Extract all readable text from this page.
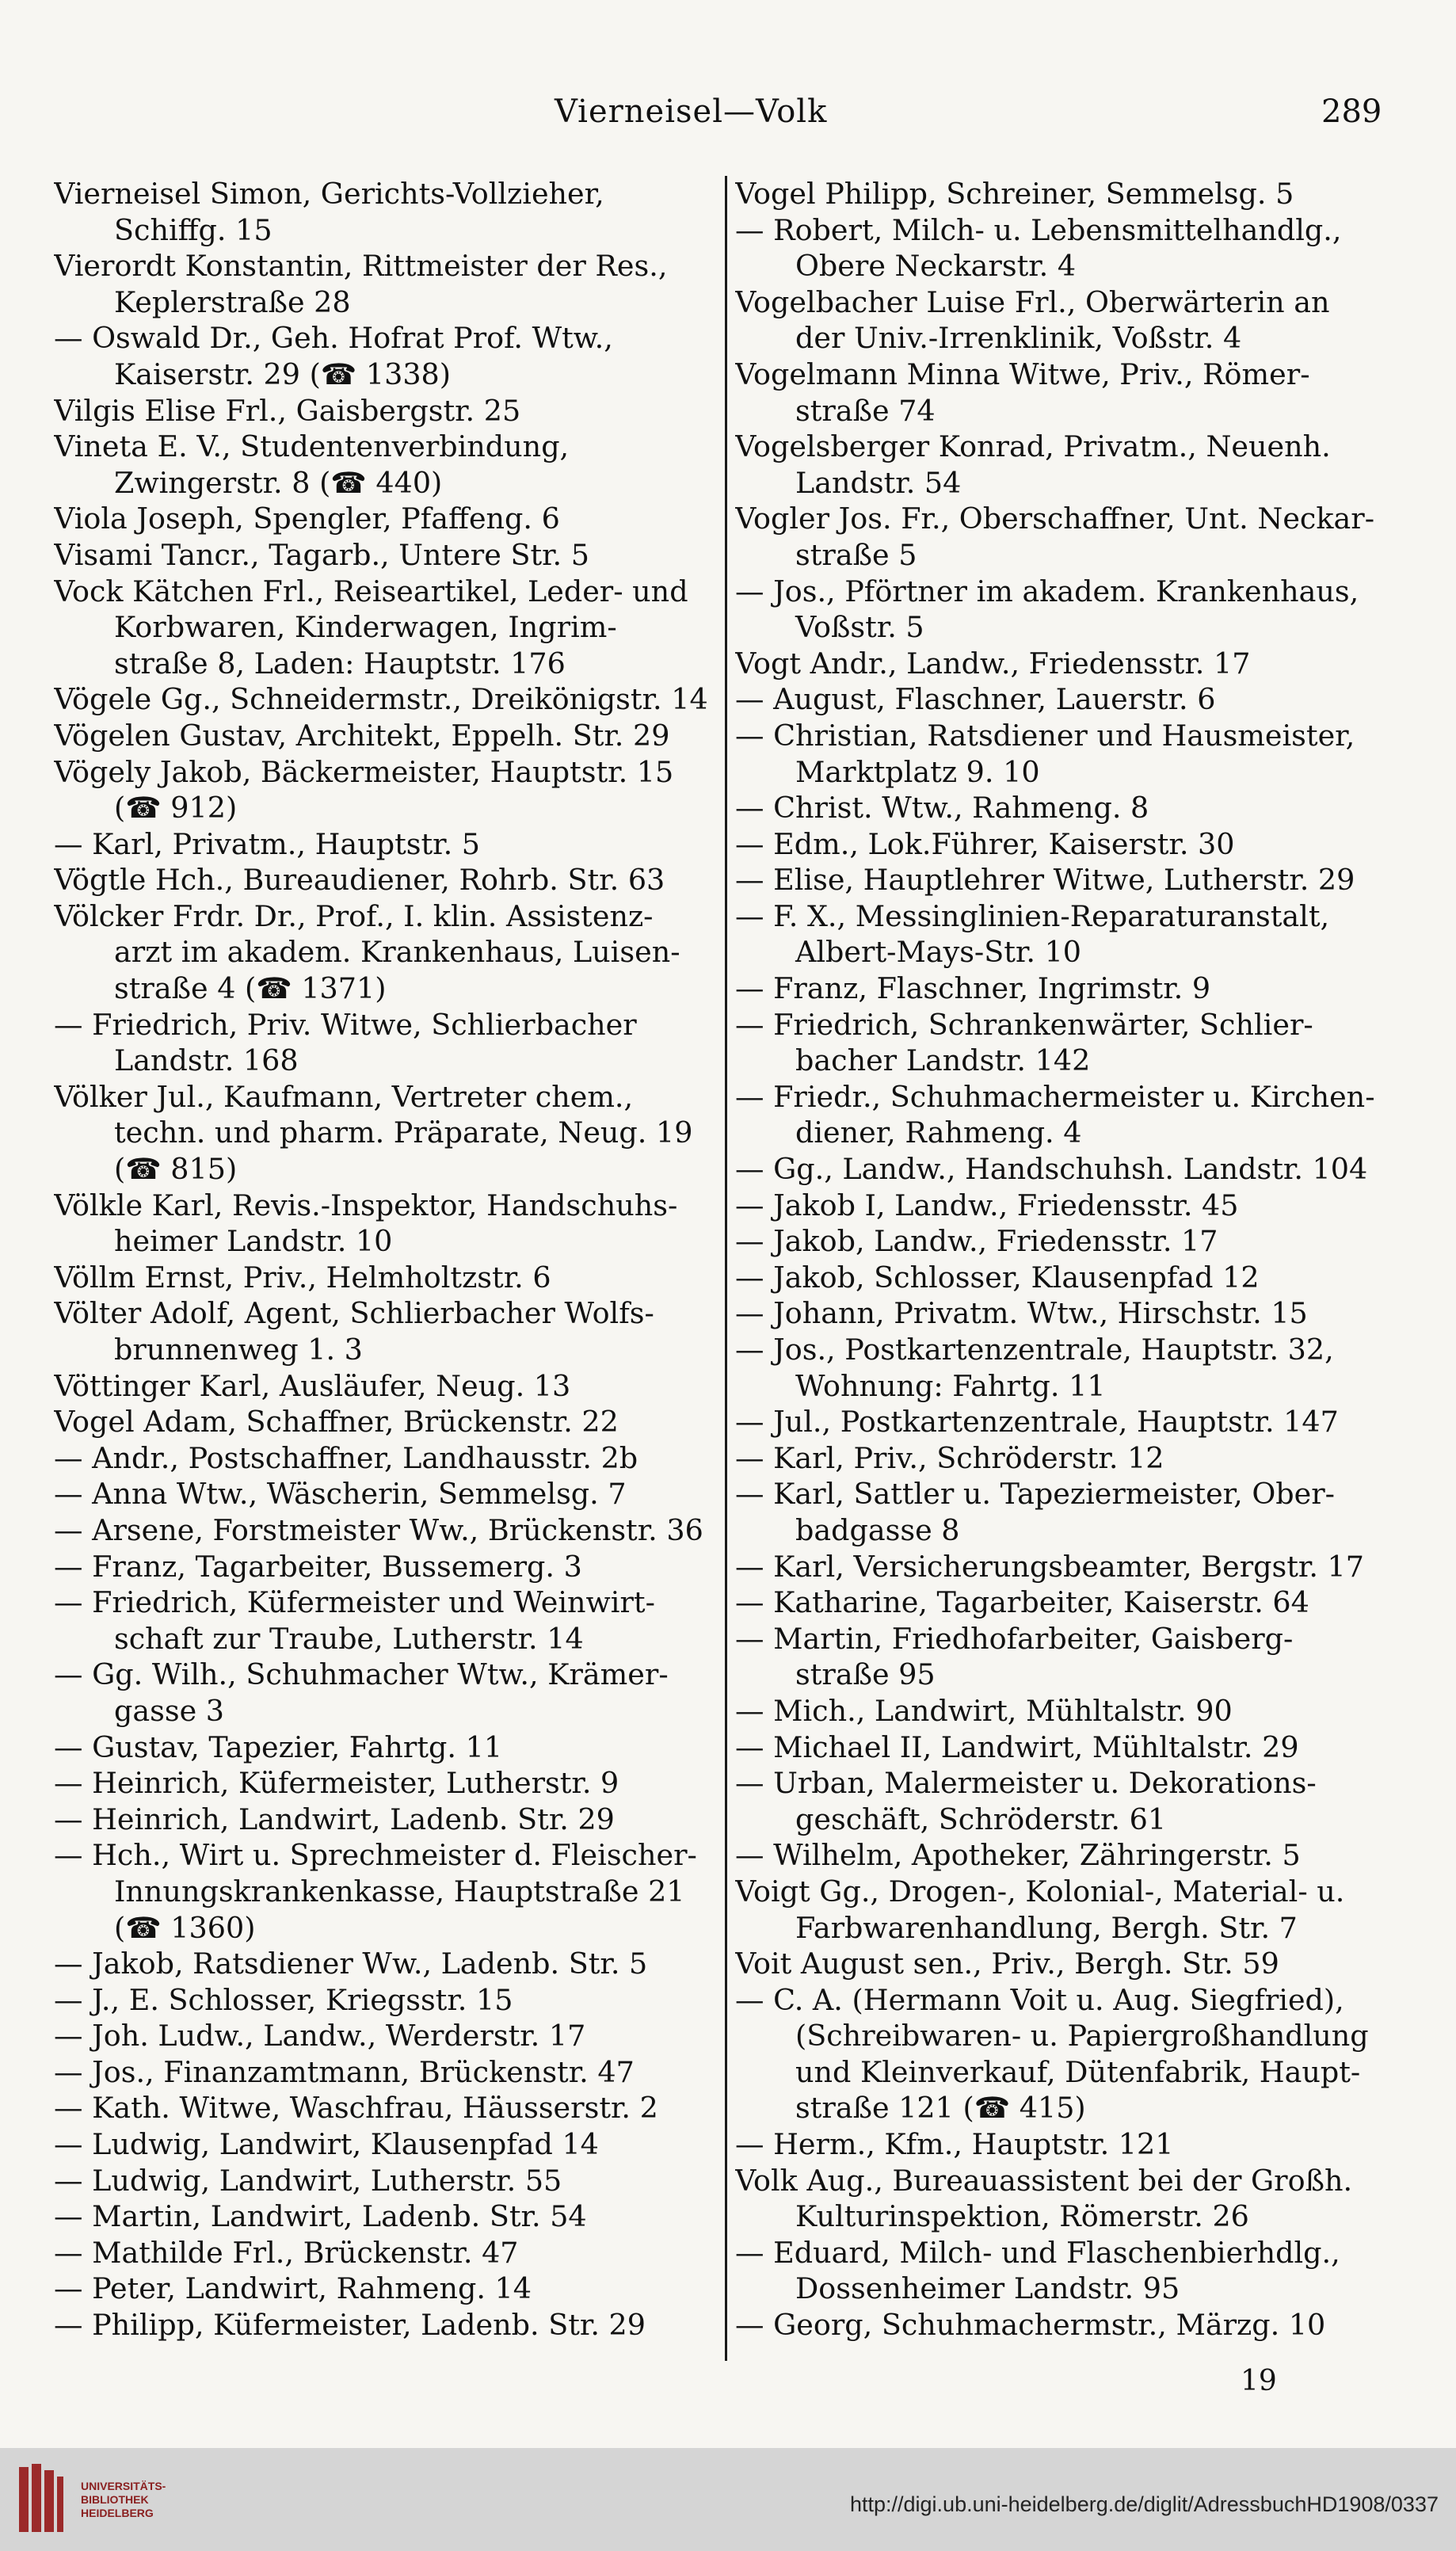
Vierneisel—Volk	289
Vierneisel Simon, Gerichts-Vollzieher,
Schiffg. 15
Vierordt Konstantin, Rittmeister der Res.,
Keplerstraße 28
— Oswald Dr., Geh. Hofrat Prof. Wtw.,
Kaiserstr. 29 (☎ 1338)
Vilgis Elise Frl., Gaisbergstr. 25
Vineta E. V., Studentenverbindung,
Zwingerstr. 8 (☎ 440)
Viola Joseph, Spengler, Pfaffeng. 6
Visami Tancr., Tagarb., Untere Str. 5
Vock Kätchen Frl., Reiseartikel, Leder- und
Korbwaren, Kinderwagen, Ingrim-
straße 8, Laden: Hauptstr. 176
Vögele Gg., Schneidermstr., Dreikönigstr. 14
Vögelen Gustav, Architekt, Eppelh. Str. 29
Vögely Jakob, Bäckermeister, Hauptstr. 15
(☎ 912)
— Karl, Privatm., Hauptstr. 5
Vögtle Hch., Bureaudiener, Rohrb. Str. 63
Völcker Frdr. Dr., Prof., I. klin. Assistenz-
arzt im akadem. Krankenhaus, Luisen-
straße 4 (☎ 1371)
— Friedrich, Priv. Witwe, Schlierbacher
Landstr. 168
Völker Jul., Kaufmann, Vertreter chem.,
techn. und pharm. Präparate, Neug. 19
(☎ 815)
Völkle Karl, Revis.-Inspektor, Handschuhs-
heimer Landstr. 10
Völlm Ernst, Priv., Helmholtzstr. 6
Völter Adolf, Agent, Schlierbacher Wolfs-
brunnenweg 1. 3
Vöttinger Karl, Ausläufer, Neug. 13
Vogel Adam, Schaffner, Brückenstr. 22
— Andr., Postschaffner, Landhausstr. 2b
— Anna Wtw., Wäscherin, Semmelsg. 7
— Arsene, Forstmeister Ww., Brückenstr. 36
— Franz, Tagarbeiter, Bussemerg. 3
— Friedrich, Küfermeister und Weinwirt-
schaft zur Traube, Lutherstr. 14
— Gg. Wilh., Schuhmacher Wtw., Krämer-
gasse 3
— Gustav, Tapezier, Fahrtg. 11
— Heinrich, Küfermeister, Lutherstr. 9
— Heinrich, Landwirt, Ladenb. Str. 29
— Hch., Wirt u. Sprechmeister d. Fleischer-
Innungskrankenkasse, Hauptstraße 21
(☎ 1360)
— Jakob, Ratsdiener Ww., Ladenb. Str. 5
— J., E. Schlosser, Kriegsstr. 15
— Joh. Ludw., Landw., Werderstr. 17
— Jos., Finanzamtmann, Brückenstr. 47
— Kath. Witwe, Waschfrau, Häusserstr. 2
— Ludwig, Landwirt, Klausenpfad 14
— Ludwig, Landwirt, Lutherstr. 55
— Martin, Landwirt, Ladenb. Str. 54
— Mathilde Frl., Brückenstr. 47
— Peter, Landwirt, Rahmeng. 14
— Philipp, Küfermeister, Ladenb. Str. 29
Vogel Philipp, Schreiner, Semmelsg. 5
— Robert, Milch- u. Lebensmittelhandlg.,
Obere Neckarstr. 4
Vogelbacher Luise Frl., Oberwärterin an
der Univ.-Irrenklinik, Voßstr. 4
Vogelmann Minna Witwe, Priv., Römer-
straße 74
Vogelsberger Konrad, Privatm., Neuenh.
Landstr. 54
Vogler Jos. Fr., Oberschaffner, Unt. Neckar-
straße 5
— Jos., Pförtner im akadem. Krankenhaus,
Voßstr. 5
Vogt Andr., Landw., Friedensstr. 17
— August, Flaschner, Lauerstr. 6
— Christian, Ratsdiener und Hausmeister,
Marktplatz 9. 10
— Christ. Wtw., Rahmeng. 8
— Edm., Lok.Führer, Kaiserstr. 30
— Elise, Hauptlehrer Witwe, Lutherstr. 29
— F. X., Messinglinien-Reparaturanstalt,
Albert-Mays-Str. 10
— Franz, Flaschner, Ingrimstr. 9
— Friedrich, Schrankenwärter, Schlier-
bacher Landstr. 142
— Friedr., Schuhmachermeister u. Kirchen-
diener, Rahmeng. 4
— Gg., Landw., Handschuhsh. Landstr. 104
— Jakob I, Landw., Friedensstr. 45
— Jakob, Landw., Friedensstr. 17
— Jakob, Schlosser, Klausenpfad 12
— Johann, Privatm. Wtw., Hirschstr. 15
— Jos., Postkartenzentrale, Hauptstr. 32,
Wohnung: Fahrtg. 11
— Jul., Postkartenzentrale, Hauptstr. 147
— Karl, Priv., Schröderstr. 12
— Karl, Sattler u. Tapeziermeister, Ober-
badgasse 8
— Karl, Versicherungsbeamter, Bergstr. 17
— Katharine, Tagarbeiter, Kaiserstr. 64
— Martin, Friedhofarbeiter, Gaisberg-
straße 95
— Mich., Landwirt, Mühltalstr. 90
— Michael II, Landwirt, Mühltalstr. 29
— Urban, Malermeister u. Dekorations-
geschäft, Schröderstr. 61
— Wilhelm, Apotheker, Zähringerstr. 5
Voigt Gg., Drogen-, Kolonial-, Material- u.
Farbwarenhandlung, Bergh. Str. 7
Voit August sen., Priv., Bergh. Str. 59
— C. A. (Hermann Voit u. Aug. Siegfried),
(Schreibwaren- u. Papiergroßhandlung
und Kleinverkauf, Dütenfabrik, Haupt-
straße 121 (☎ 415)
— Herm., Kfm., Hauptstr. 121
Volk Aug., Bureauassistent bei der Großh.
Kulturinspektion, Römerstr. 26
— Eduard, Milch- und Flaschenbierhdlg.,
Dossenheimer Landstr. 95
— Georg, Schuhmachermstr., Märzg. 10
19
UNIVERSITÄTS-
BIBLIOTHEK
HEIDELBERG	http://digi.ub.uni-heidelberg.de/diglit/AdressbuchHD1908/0337
